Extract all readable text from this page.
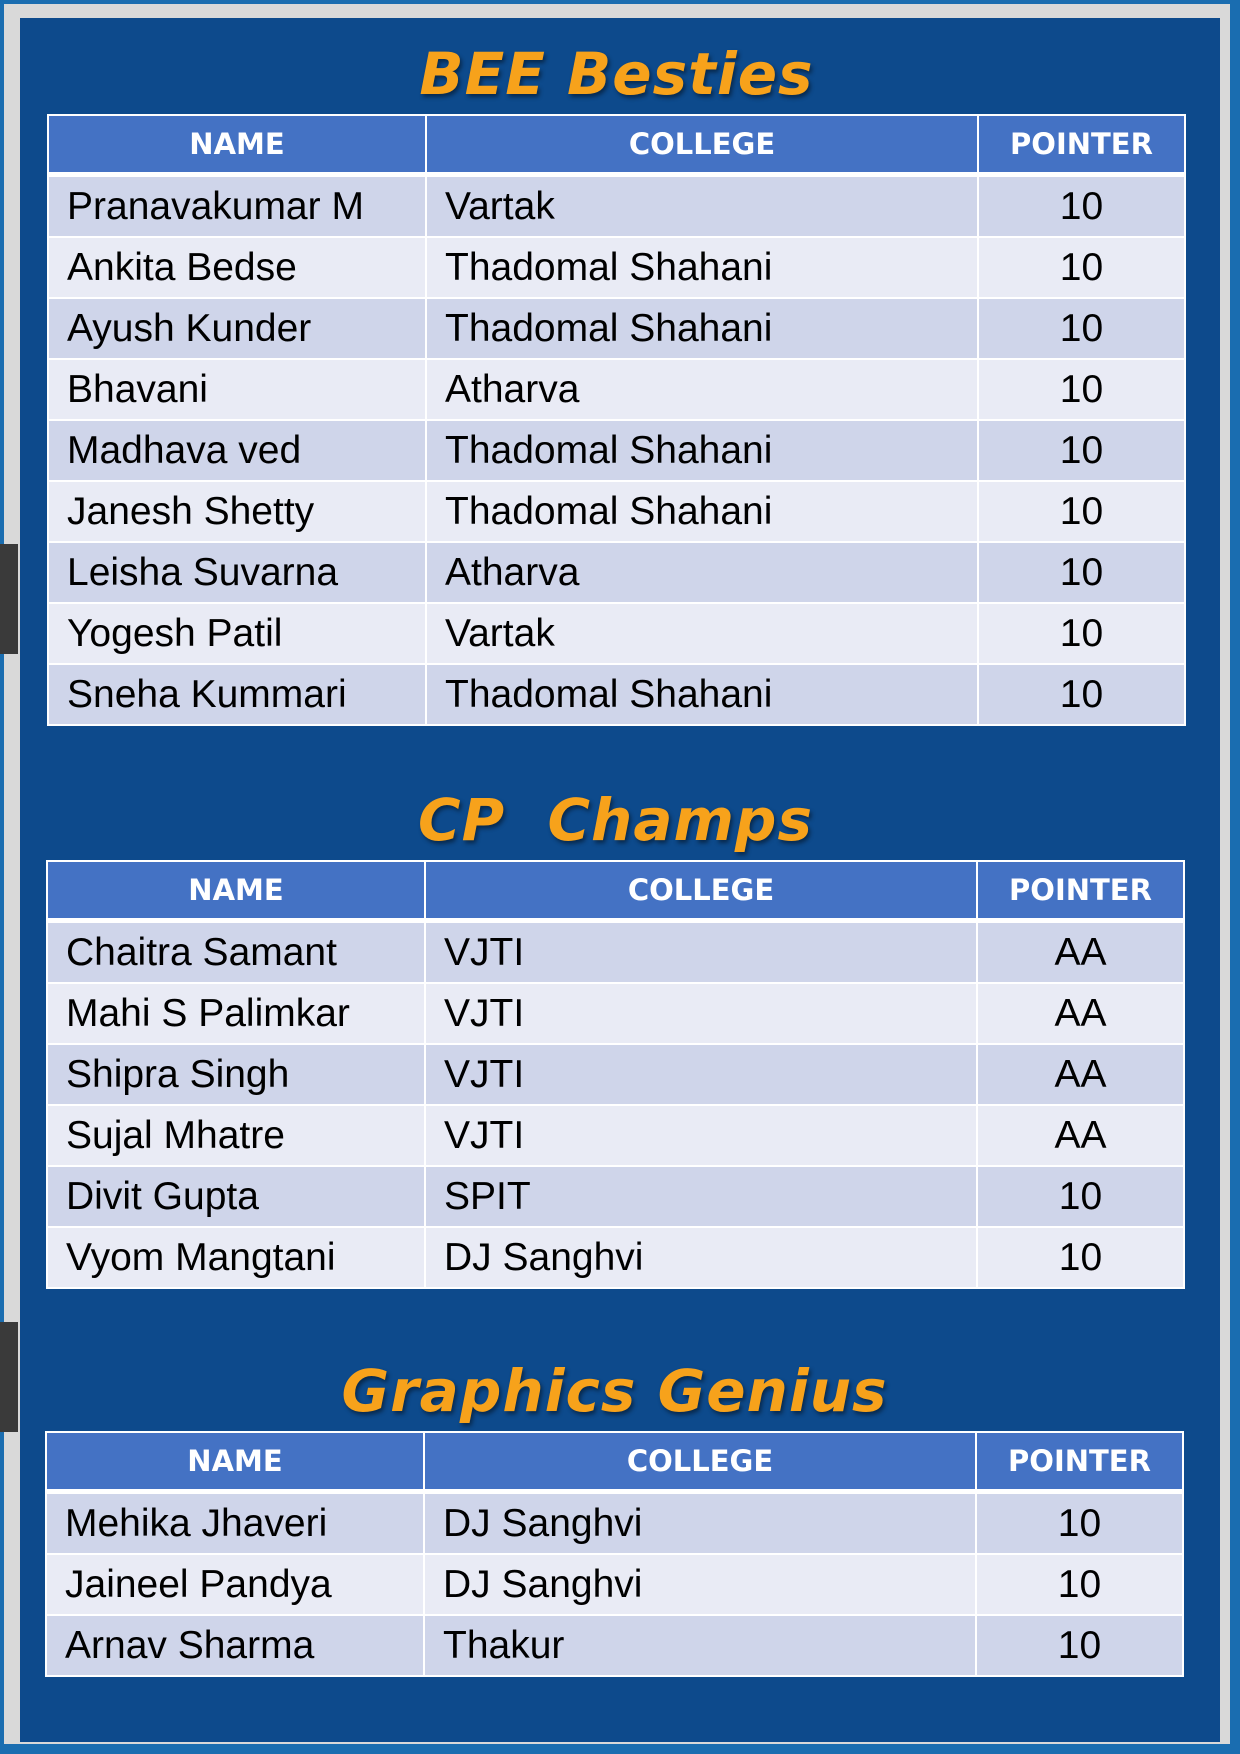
BEE Besties
NAME	COLLEGE	POINTER
Pranavakumar M	Vartak	10
Ankita Bedse	Thadomal Shahani	10
Ayush Kunder	Thadomal Shahani	10
Bhavani	Atharva	10
Madhava ved	Thadomal Shahani	10
Janesh Shetty	Thadomal Shahani	10
Leisha Suvarna	Atharva	10
Yogesh Patil	Vartak	10
Sneha Kummari	Thadomal Shahani	10
CP  Champs
NAME	COLLEGE	POINTER
Chaitra Samant	VJTI	AA
Mahi S Palimkar	VJTI	AA
Shipra Singh	VJTI	AA
Sujal Mhatre	VJTI	AA
Divit Gupta	SPIT	10
Vyom Mangtani	DJ Sanghvi	10
Graphics Genius
NAME	COLLEGE	POINTER
Mehika Jhaveri	DJ Sanghvi	10
Jaineel Pandya	DJ Sanghvi	10
Arnav Sharma	Thakur	10
